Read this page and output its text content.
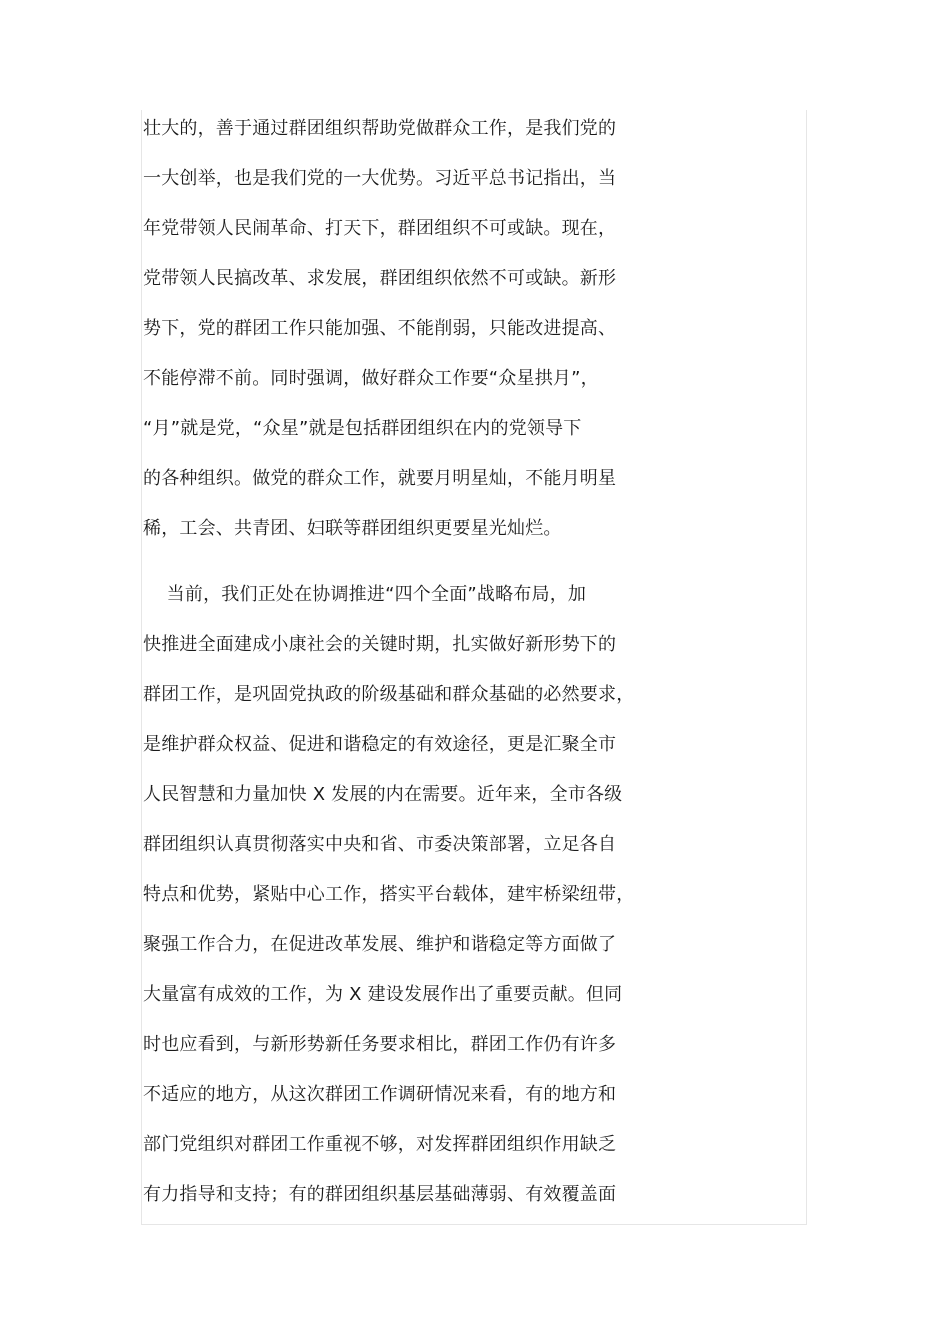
壮大的，善于通过群团组织帮助党做群众工作，是我们党的
一大创举，也是我们党的一大优势。习近平总书记指出，当
年党带领人民闹革命、打天下，群团组织不可或缺。现在，
党带领人民搞改革、求发展，群团组织依然不可或缺。新形
势下，党的群团工作只能加强、不能削弱，只能改进提高、
不能停滞不前。同时强调，做好群众工作要“众星拱月”，
“月”就是党，“众星”就是包括群团组织在内的党领导下
的各种组织。做党的群众工作，就要月明星灿，不能月明星
稀，工会、共青团、妇联等群团组织更要星光灿烂。
当前，我们正处在协调推进“四个全面”战略布局，加
快推进全面建成小康社会的关键时期，扎实做好新形势下的
群团工作，是巩固党执政的阶级基础和群众基础的必然要求，
是维护群众权益、促进和谐稳定的有效途径，更是汇聚全市
人民智慧和力量加快 X 发展的内在需要。近年来，全市各级
群团组织认真贯彻落实中央和省、市委决策部署，立足各自
特点和优势，紧贴中心工作，搭实平台载体，建牢桥梁纽带，
聚强工作合力，在促进改革发展、维护和谐稳定等方面做了
大量富有成效的工作，为 X 建设发展作出了重要贡献。但同
时也应看到，与新形势新任务要求相比，群团工作仍有许多
不适应的地方，从这次群团工作调研情况来看，有的地方和
部门党组织对群团工作重视不够，对发挥群团组织作用缺乏
有力指导和支持；有的群团组织基层基础薄弱、有效覆盖面
